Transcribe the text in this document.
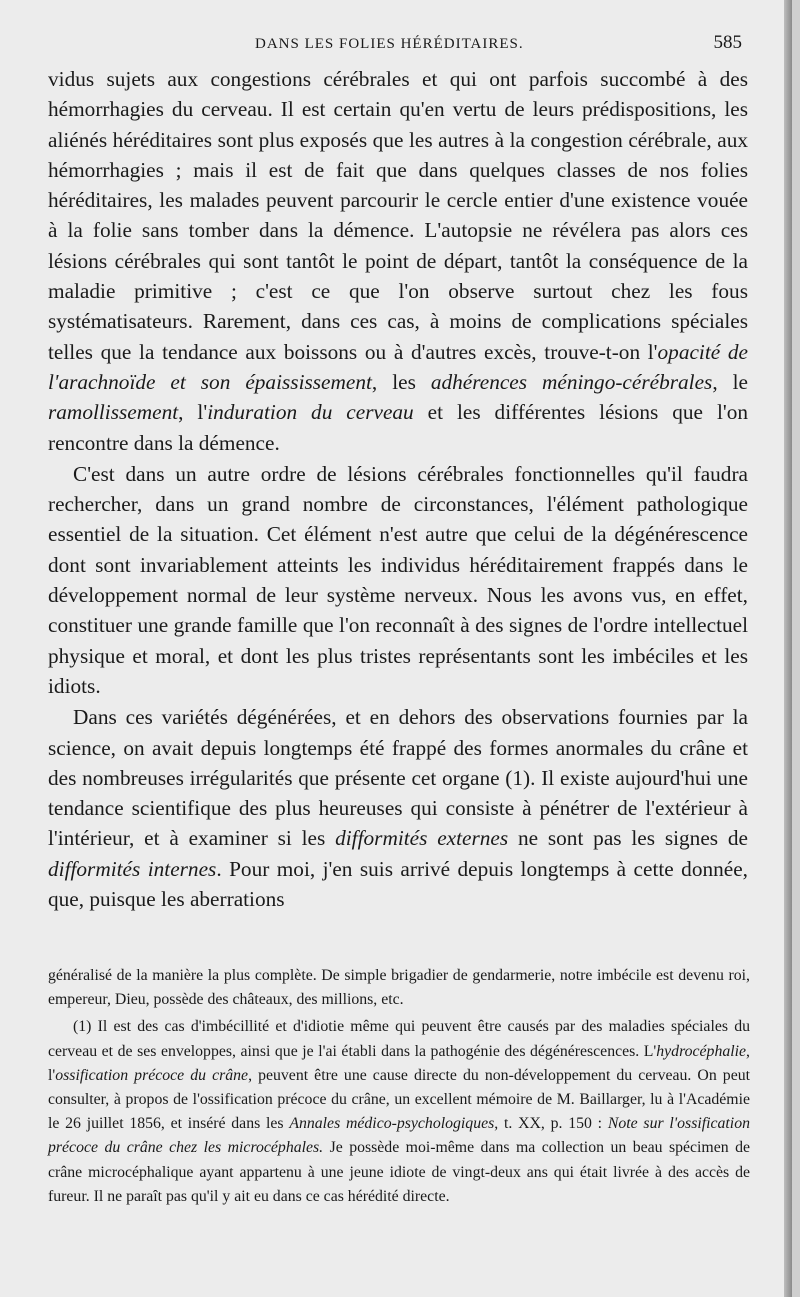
DANS LES FOLIES HÉRÉDITAIRES.	585

vidus sujets aux congestions cérébrales et qui ont parfois succombé à des hémorrhagies du cerveau. Il est certain qu'en vertu de leurs prédispositions, les aliénés héréditaires sont plus exposés que les autres à la congestion cérébrale, aux hémorrhagies ; mais il est de fait que dans quelques classes de nos folies héréditaires, les malades peuvent parcourir le cercle entier d'une existence vouée à la folie sans tomber dans la démence. L'autopsie ne révélera pas alors ces lésions cérébrales qui sont tantôt le point de départ, tantôt la conséquence de la maladie primitive ; c'est ce que l'on observe surtout chez les fous systématisateurs. Rarement, dans ces cas, à moins de complications spéciales telles que la tendance aux boissons ou à d'autres excès, trouve-t-on l'opacité de l'arachnoïde et son épaississement, les adhérences méningo-cérébrales, le ramollissement, l'induration du cerveau et les différentes lésions que l'on rencontre dans la démence.

C'est dans un autre ordre de lésions cérébrales fonctionnelles qu'il faudra rechercher, dans un grand nombre de circonstances, l'élément pathologique essentiel de la situation. Cet élément n'est autre que celui de la dégénérescence dont sont invariablement atteints les individus héréditairement frappés dans le développement normal de leur système nerveux. Nous les avons vus, en effet, constituer une grande famille que l'on reconnaît à des signes de l'ordre intellectuel physique et moral, et dont les plus tristes représentants sont les imbéciles et les idiots.

Dans ces variétés dégénérées, et en dehors des observations fournies par la science, on avait depuis longtemps été frappé des formes anormales du crâne et des nombreuses irrégularités que présente cet organe (1). Il existe aujourd'hui une tendance scientifique des plus heureuses qui consiste à pénétrer de l'extérieur à l'intérieur, et à examiner si les difformités externes ne sont pas les signes de difformités internes. Pour moi, j'en suis arrivé depuis longtemps à cette donnée, que, puisque les aberrations

généralisé de la manière la plus complète. De simple brigadier de gendarmerie, notre imbécile est devenu roi, empereur, Dieu, possède des châteaux, des millions, etc.

(1) Il est des cas d'imbécillité et d'idiotie même qui peuvent être causés par des maladies spéciales du cerveau et de ses enveloppes, ainsi que je l'ai établi dans la pathogénie des dégénérescences. L'hydrocéphalie, l'ossification précoce du crâne, peuvent être une cause directe du non-développement du cerveau. On peut consulter, à propos de l'ossification précoce du crâne, un excellent mémoire de M. Baillarger, lu à l'Académie le 26 juillet 1856, et inséré dans les Annales médico-psychologiques, t. XX, p. 150 : Note sur l'ossification précoce du crâne chez les microcéphales. Je possède moi-même dans ma collection un beau spécimen de crâne microcéphalique ayant appartenu à une jeune idiote de vingt-deux ans qui était livrée à des accès de fureur. Il ne paraît pas qu'il y ait eu dans ce cas hérédité directe.
